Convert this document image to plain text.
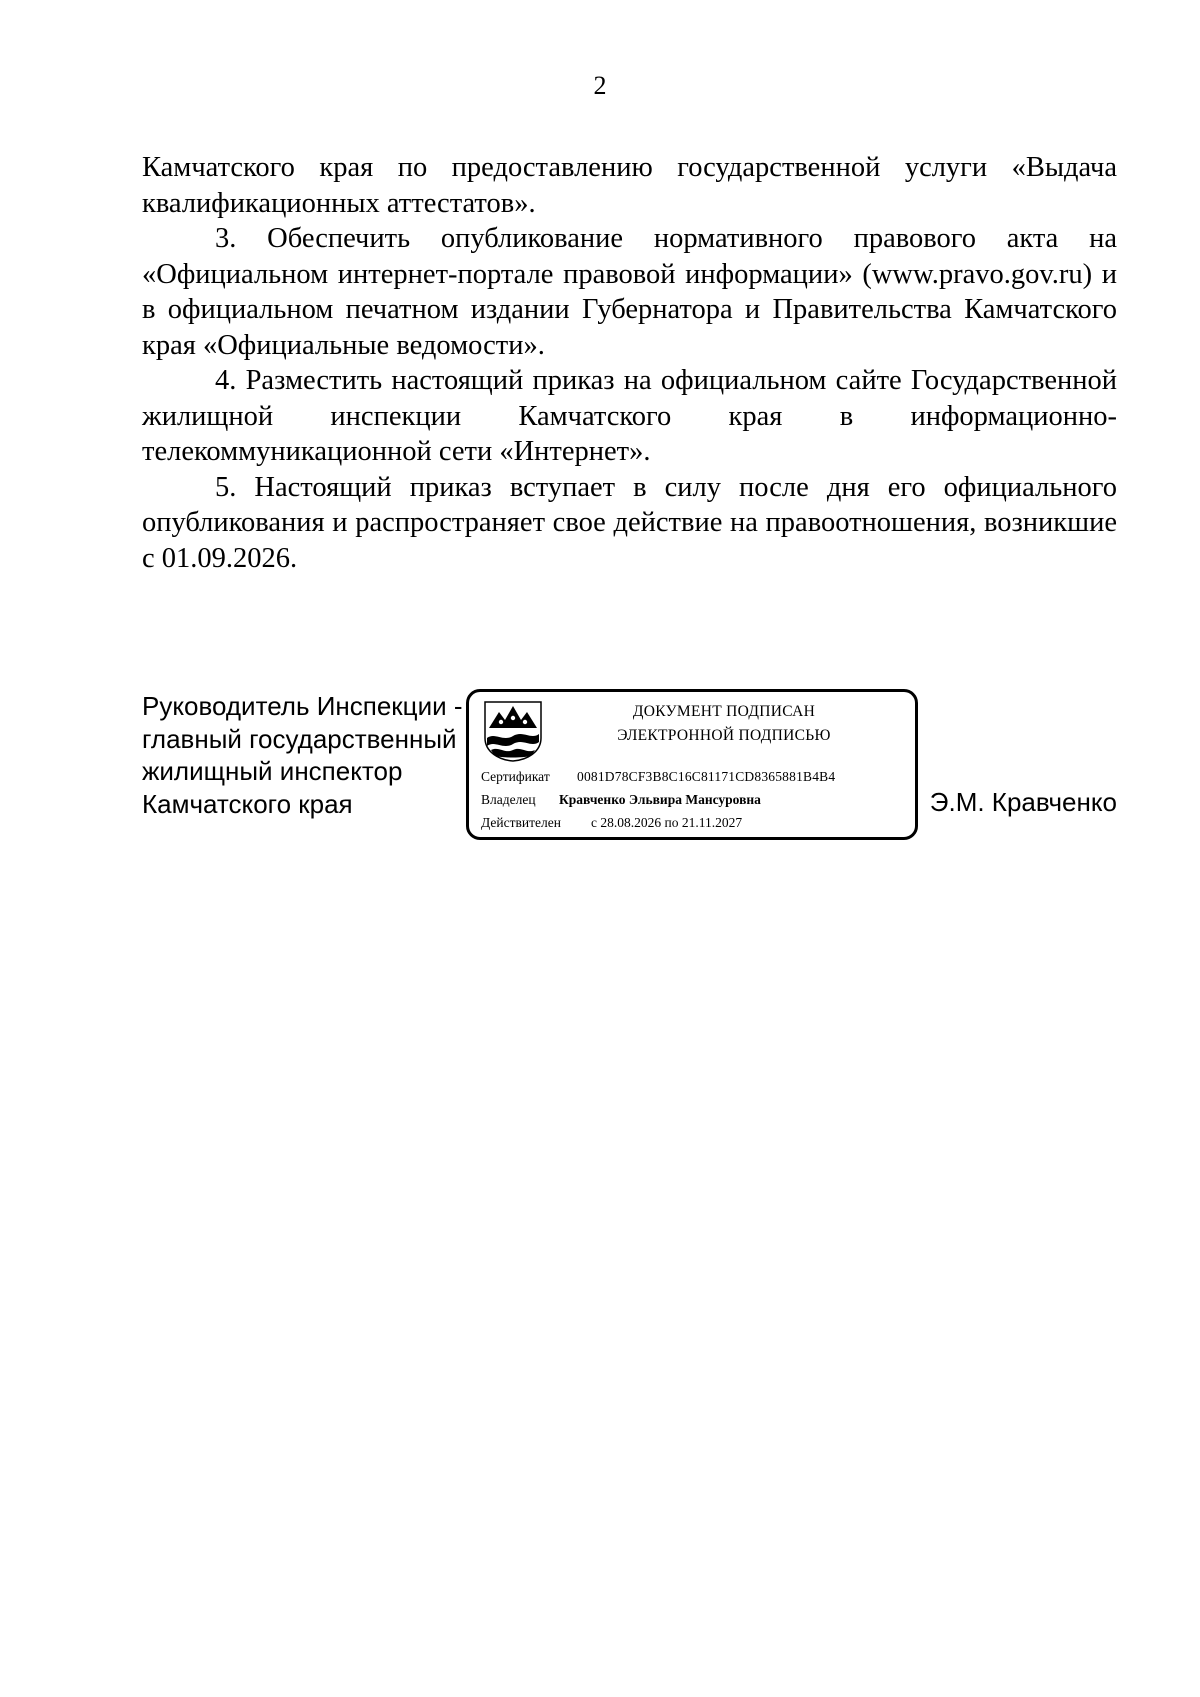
2

Камчатского края по предоставлению государственной услуги «Выдача квалификационных аттестатов».

3. Обеспечить опубликование нормативного правового акта на «Официальном интернет-портале правовой информации» (www.pravo.gov.ru) и в официальном печатном издании Губернатора и Правительства Камчатского края «Официальные ведомости».

4. Разместить настоящий приказ на официальном сайте Государственной жилищной инспекции Камчатского края в информационно-телекоммуникационной сети «Интернет».

5. Настоящий приказ вступает в силу после дня его официального опубликования и распространяет свое действие на правоотношения, возникшие с 01.09.2026.

Руководитель Инспекции -
главный государственный
жилищный инспектор
Камчатского края
ДОКУМЕНТ ПОДПИСАН
ЭЛЕКТРОННОЙ ПОДПИСЬЮ
Сертификат 0081D78CF3B8C16C81171CD8365881B4B4
Владелец Кравченко Эльвира Мансуровна
Действителен с 28.08.2026 по 21.11.2027
Э.М. Кравченко
